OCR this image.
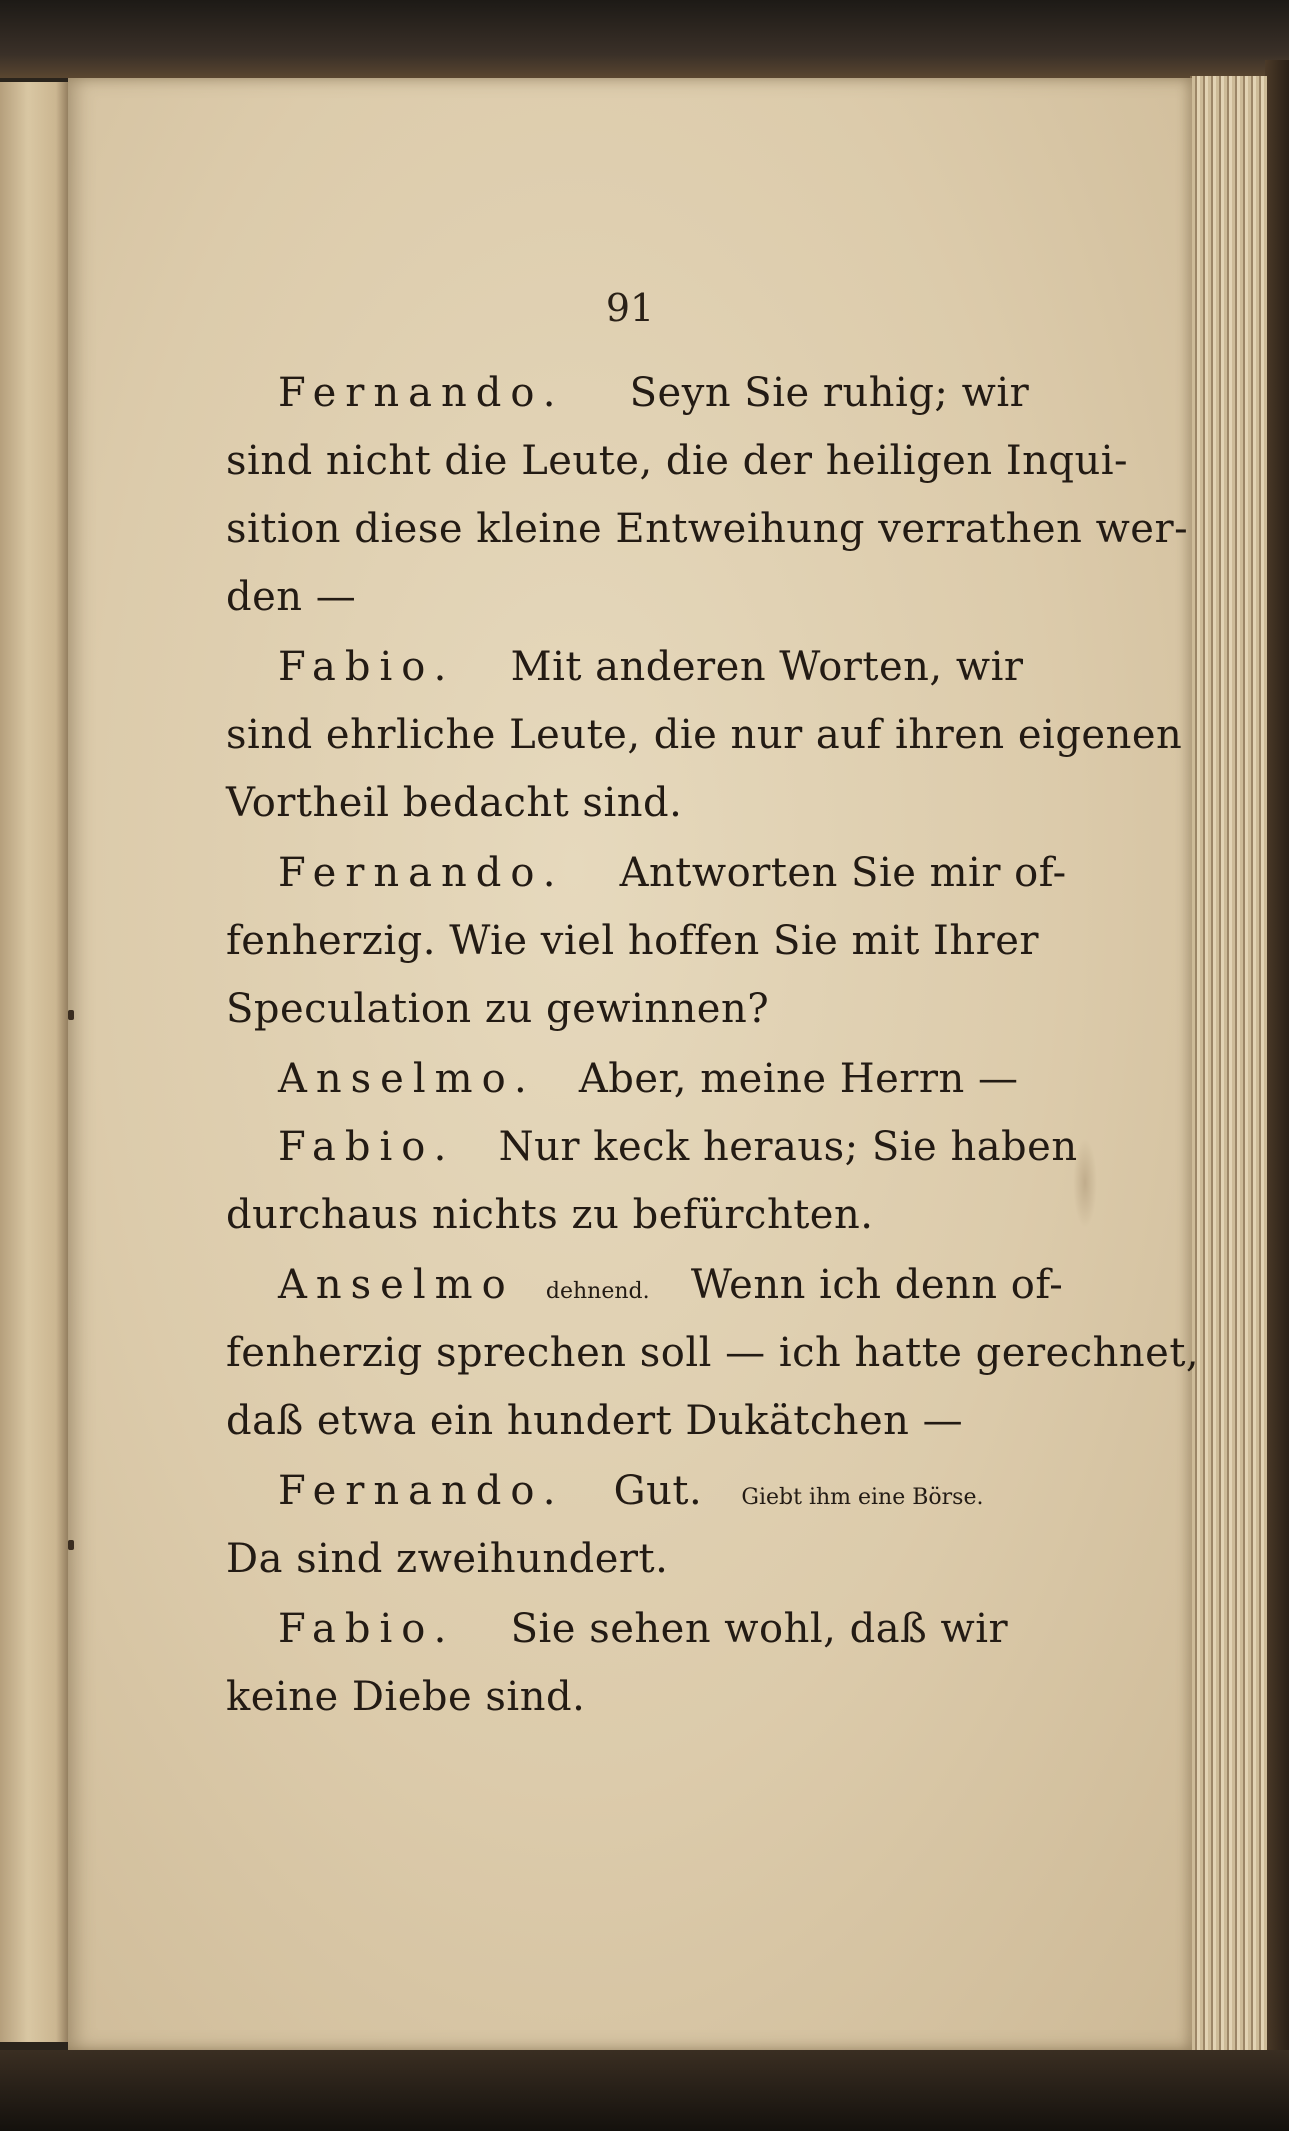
91
Fernando. Seyn Sie ruhig; wir
sind nicht die Leute, die der heiligen Inqui-
sition diese kleine Entweihung verrathen wer-
den —
Fabio. Mit anderen Worten, wir
sind ehrliche Leute, die nur auf ihren eigenen
Vortheil bedacht sind.
Fernando. Antworten Sie mir of-
fenherzig. Wie viel hoffen Sie mit Ihrer
Speculation zu gewinnen?
Anselmo. Aber, meine Herrn —
Fabio. Nur keck heraus; Sie haben
durchaus nichts zu befürchten.
Anselmo dehnend. Wenn ich denn of-
fenherzig sprechen soll — ich hatte gerechnet,
daß etwa ein hundert Dukätchen —
Fernando. Gut. Giebt ihm eine Börse.
Da sind zweihundert.
Fabio. Sie sehen wohl, daß wir
keine Diebe sind.
